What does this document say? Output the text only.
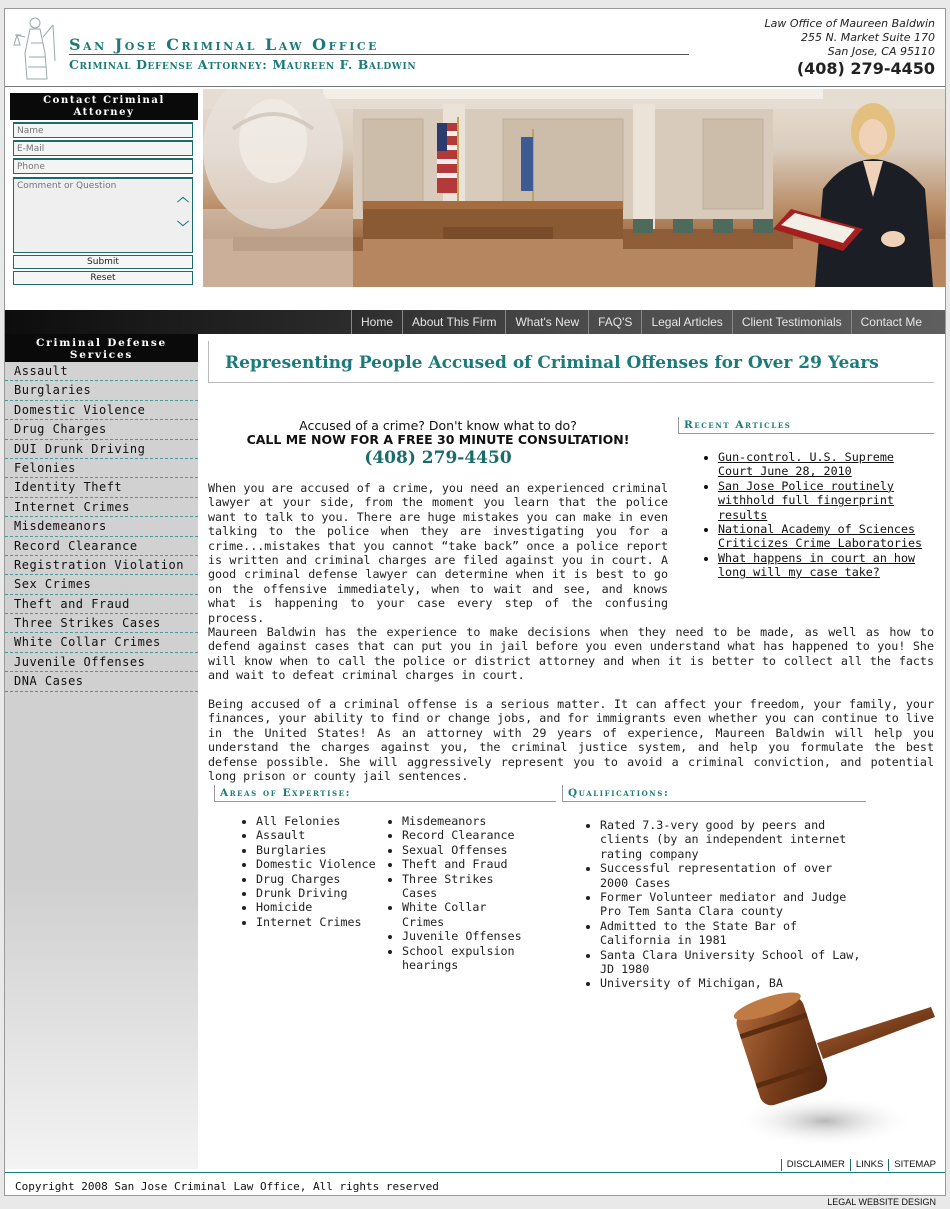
San Jose Criminal Law Office
Criminal Defense Attorney: Maureen F. Baldwin
Law Office of Maureen Baldwin
255 N. Market Suite 170
San Jose, CA 95110
(408) 279-4450
Contact Criminal Attorney
Name
E-Mail
Phone
Comment or Question
︿
﹀
Submit
Reset
Home	About This Firm	What's New	FAQ'S	Legal Articles	Client Testimonials	Contact Me
Criminal Defense Services
Assault
Burglaries
Domestic Violence
Drug Charges
DUI Drunk Driving
Felonies
Identity Theft
Internet Crimes
Misdemeanors
Record Clearance
Registration Violation
Sex Crimes
Theft and Fraud
Three Strikes Cases
White Collar Crimes
Juvenile Offenses
DNA Cases
Representing People Accused of Criminal Offenses for Over 29 Years
Accused of a crime? Don't know what to do?
CALL ME NOW FOR A FREE 30 MINUTE CONSULTATION!
(408) 279-4450

When you are accused of a crime, you need an experienced criminal lawyer at your side, from the moment you learn that the police want to talk to you. There are huge mistakes you can make in even talking to the police when they are investigating you for a crime...mistakes that you cannot “take back” once a police report is written and criminal charges are filed against you in court. A good criminal defense lawyer can determine when it is best to go on the offensive immediately, when to wait and see, and knows what is happening to your case every step of the confusing process.

Recent Articles
• Gun-control. U.S. Supreme Court June 28, 2010
• San Jose Police routinely withhold full fingerprint results
• National Academy of Sciences Criticizes Crime Laboratories
• What happens in court an how long will my case take?

Maureen Baldwin has the experience to make decisions when they need to be made, as well as how to defend against cases that can put you in jail before you even understand what has happened to you! She will know when to call the police or district attorney and when it is better to collect all the facts and wait to defeat criminal charges in court.

Being accused of a criminal offense is a serious matter. It can affect your freedom, your family, your finances, your ability to find or change jobs, and for immigrants even whether you can continue to live in the United States! As an attorney with 29 years of experience, Maureen Baldwin will help you understand the charges against you, the criminal justice system, and help you formulate the best defense possible. She will aggressively represent you to avoid a criminal conviction, and potential long prison or county jail sentences.

Areas of Expertise:
• All Felonies
• Assault
• Burglaries
• Domestic Violence
• Drug Charges
• Drunk Driving
• Homicide
• Internet Crimes
• Misdemeanors
• Record Clearance
• Sexual Offenses
• Theft and Fraud
• Three Strikes Cases
• White Collar Crimes
• Juvenile Offenses
• School expulsion hearings
Qualifications:
• Rated 7.3-very good by peers and clients (by an independent internet rating company
• Successful representation of over 2000 Cases
• Former Volunteer mediator and Judge Pro Tem Santa Clara county
• Admitted to the State Bar of California in 1981
• Santa Clara University School of Law, JD 1980
• University of Michigan, BA
DISCLAIMER	LINKS	SITEMAP
Copyright 2008 San Jose Criminal Law Office, All rights reserved
LEGAL WEBSITE DESIGN
